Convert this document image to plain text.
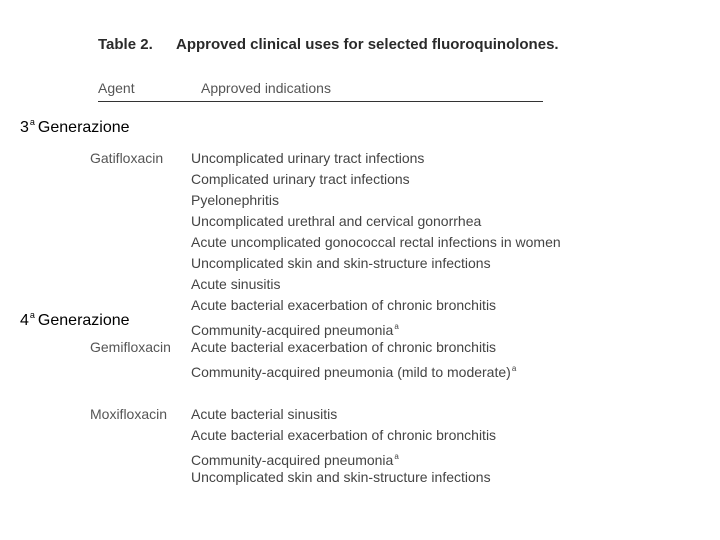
Table 2. Approved clinical uses for selected fluoroquinolones.
Agent	Approved indications
3$^a$ Generazione
4$^a$ Generazione
Gatifloxacin Uncomplicated urinary tract infections
Complicated urinary tract infections
Pyelonephritis
Uncomplicated urethral and cervical gonorrhea
Acute uncomplicated gonococcal rectal infections in women
Uncomplicated skin and skin-structure infections
Acute sinusitis
Acute bacterial exacerbation of chronic bronchitis
Community-acquired pneumonia$^a$
Gemifloxacin Acute bacterial exacerbation of chronic bronchitis
Community-acquired pneumonia (mild to moderate)$^a$
Moxifloxacin Acute bacterial sinusitis
Acute bacterial exacerbation of chronic bronchitis
Community-acquired pneumonia$^a$
Uncomplicated skin and skin-structure infections
